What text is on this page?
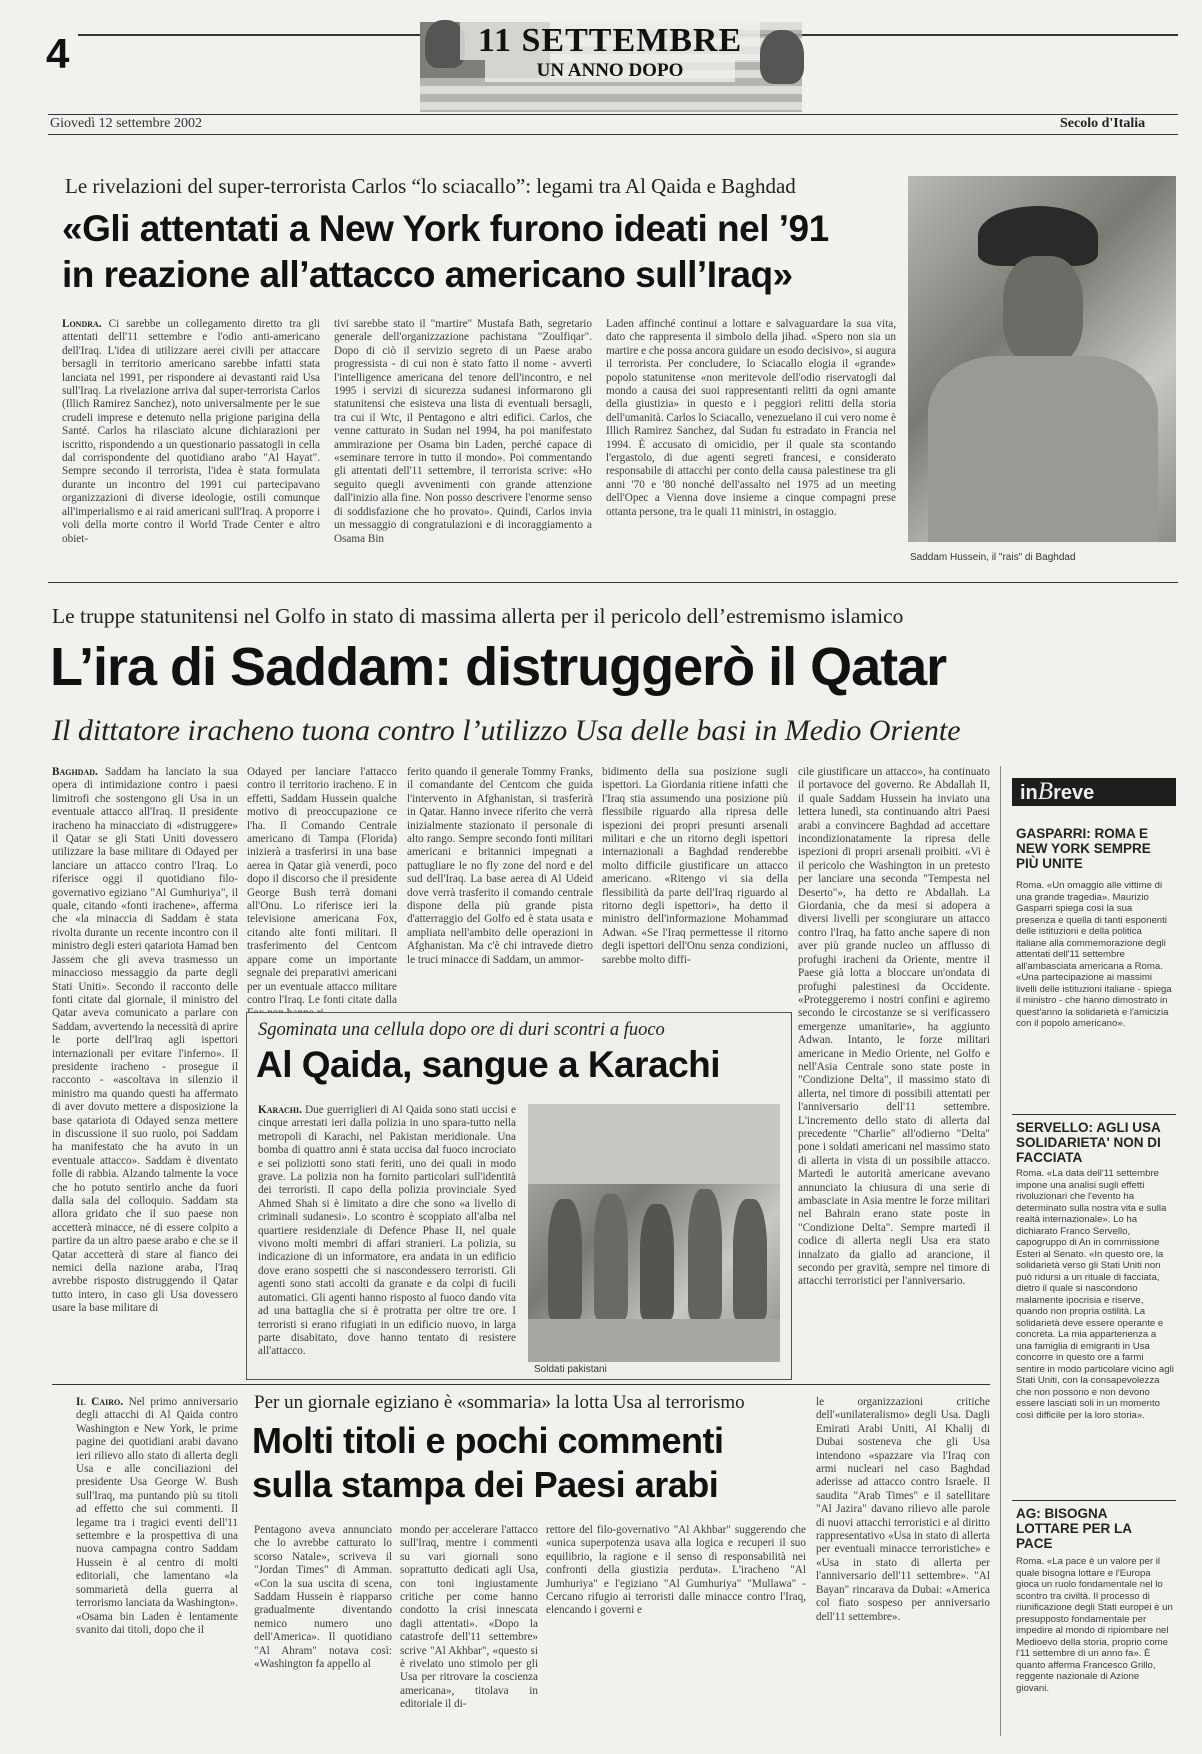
4	11 SETTEMBRE
UN ANNO DOPO
Giovedì 12 settembre 2002	Secolo d'Italia
Le rivelazioni del super-terrorista Carlos “lo sciacallo”: legami tra Al Qaida e Baghdad
«Gli attentati a New York furono ideati nel ’91
in reazione all’attacco americano sull’Iraq»
Londra. Ci sarebbe un collegamento diretto tra gli attentati dell'11 settembre e l'odio anti-americano dell'Iraq. L'idea di utilizzare aerei civili per attaccare bersagli in territorio americano sarebbe infatti stata lanciata nel 1991, per rispondere ai devastanti raid Usa sull'Iraq. La rivelazione arriva dal super-terrorista Carlos (Illich Ramirez Sanchez), noto universalmente per le sue crudeli imprese e detenuto nella prigione parigina della Santé. Carlos ha rilasciato alcune dichiarazioni per iscritto, rispondendo a un questionario passatogli in cella dal corrispondente del quotidiano arabo "Al Hayat". Sempre secondo il terrorista, l'idea è stata formulata durante un incontro del 1991 cui partecipavano organizzazioni di diverse ideologie, ostili comunque all'imperialismo e ai raid americani sull'Iraq. A proporre i voli della morte contro il World Trade Center e altro obiet-
tivi sarebbe stato il "martire" Mustafa Bath, segretario generale dell'organizzazione pachistana "Zoulfiqar". Dopo di ciò il servizio segreto di un Paese arabo progressista - di cui non è stato fatto il nome - avvertì l'intelligence americana del tenore dell'incontro, e nel 1995 i servizi di sicurezza sudanesi informarono gli statunitensi che esisteva una lista di eventuali bersagli, tra cui il Wtc, il Pentagono e altri edifici. Carlos, che venne catturato in Sudan nel 1994, ha poi manifestato ammirazione per Osama bin Laden, perché capace di «seminare terrore in tutto il mondo». Poi commentando gli attentati dell'11 settembre, il terrorista scrive: «Ho seguito quegli avvenimenti con grande attenzione dall'inizio alla fine. Non posso descrivere l'enorme senso di soddisfazione che ho provato». Quindi, Carlos invia un messaggio di congratulazioni e di incoraggiamento a Osama Bin
Laden affinché continui a lottare e salvaguardare la sua vita, dato che rappresenta il simbolo della jihad. «Spero non sia un martire e che possa ancora guidare un esodo decisivo», si augura il terrorista. Per concludere, lo Sciacallo elogia il «grande» popolo statunitense «non meritevole dell'odio riservatogli dal mondo a causa dei suoi rappresentanti relitti da ogni amante della giustizia» in questo e i peggiori relitti della storia dell'umanità. Carlos lo Sciacallo, venezuelano il cui vero nome è Illich Ramirez Sanchez, dal Sudan fu estradato in Francia nel 1994. È accusato di omicidio, per il quale sta scontando l'ergastolo, di due agenti segreti francesi, e considerato responsabile di attacchi per conto della causa palestinese tra gli anni '70 e '80 nonché dell'assalto nel 1975 ad un meeting dell'Opec a Vienna dove insieme a cinque compagni prese ottanta persone, tra le quali 11 ministri, in ostaggio.
Saddam Hussein, il "rais" di Baghdad
Le truppe statunitensi nel Golfo in stato di massima allerta per il pericolo dell’estremismo islamico
L’ira di Saddam: distruggerò il Qatar
Il dittatore iracheno tuona contro l’utilizzo Usa delle basi in Medio Oriente
Baghdad. Saddam ha lanciato la sua opera di intimidazione contro i paesi limitrofi che sostengono gli Usa in un eventuale attacco all'Iraq. Il presidente iracheno ha minacciato di «distruggere» il Qatar se gli Stati Uniti dovessero utilizzare la base militare di Odayed per lanciare un attacco contro l'Iraq. Lo riferisce oggi il quotidiano filo-governativo egiziano "Al Gumhuriya", il quale, citando «fonti irachene», afferma che «la minaccia di Saddam è stata rivolta durante un recente incontro con il ministro degli esteri qatariota Hamad ben Jassem che gli aveva trasmesso un minaccioso messaggio da parte degli Stati Uniti». Secondo il racconto delle fonti citate dal giornale, il ministro del Qatar aveva comunicato a parlare con Saddam, avvertendo la necessità di aprire le porte dell'Iraq agli ispettori internazionali per evitare l'inferno». Il presidente iracheno - prosegue il racconto - «ascoltava in silenzio il ministro ma quando questi ha affermato di aver dovuto mettere a disposizione la base qatariota di Odayed senza mettere in discussione il suo ruolo, poi Saddam ha manifestato che ha avuto in un eventuale attacco». Saddam è diventato folle di rabbia. Alzando talmente la voce che ho potuto sentirlo anche da fuori dalla sala del colloquio. Saddam sta allora gridato che il suo paese non accetterà minacce, né di essere colpito a partire da un altro paese arabo e che se il Qatar accetterà di stare al fianco dei nemici della nazione araba, l'Iraq avrebbe risposto distruggendo il Qatar tutto intero, in caso gli Usa dovessero usare la base militare di
Odayed per lanciare l'attacco contro il territorio iracheno. E in effetti, Saddam Hussein qualche motivo di preoccupazione ce l'ha. Il Comando Centrale americano di Tampa (Florida) inizierà a trasferirsi in una base aerea in Qatar già venerdì, poco dopo il discorso che il presidente George Bush terrà domani all'Onu. Lo riferisce ieri la televisione americana Fox, citando alte fonti militari. Il trasferimento del Centcom appare come un importante segnale dei preparativi americani per un eventuale attacco militare contro l'Iraq. Le fonti citate dalla
ferito quando il generale Tommy Franks, il comandante del Centcom che guida l'intervento in Afghanistan, si trasferirà in Qatar. Hanno invece riferito che verrà inizialmente stazionato il personale di alto rango. Sempre secondo fonti militari americani e britannici impegnati a pattugliare le no fly zone del nord e del sud dell'Iraq. La base aerea di Al Udeid dove verrà trasferito il comando centrale dispone della più grande pista d'atterraggio del Golfo ed è stata usata e ampliata nell'ambito delle operazioni in Afghanistan. Ma c'è chi intravede dietro le truci minacce di Saddam, un ammor-
bidimento della sua posizione sugli ispettori. La Giordania ritiene infatti che l'Iraq stia assumendo una posizione più flessibile riguardo alla ripresa delle ispezioni dei propri presunti arsenali militari e che un ritorno degli ispettori internazionali a Baghdad renderebbe molto difficile giustificare un attacco americano. «Ritengo vi sia della flessibilità da parte dell'Iraq riguardo al ritorno degli ispettori», ha detto il ministro dell'informazione Mohammad Adwan. «Se l'Iraq permettesse il ritorno degli ispettori dell'Onu senza condizioni, sarebbe molto diffi-
cile giustificare un attacco», ha continuato il portavoce del governo. Re Abdallah II, il quale Saddam Hussein ha inviato una lettera lunedì, sta continuando altri Paesi arabi a convincere Baghdad ad accettare incondizionatamente la ripresa delle ispezioni di propri arsenali proibiti. «Vi è il pericolo che Washington in un pretesto per lanciare una seconda "Tempesta nel Deserto"», ha detto re Abdallah. La Giordania, che da mesi si adopera a diversi livelli per scongiurare un attacco contro l'Iraq, ha fatto anche sapere di non aver più grande nucleo un afflusso di profughi iracheni da Oriente, mentre il Paese già lotta a bloccare un'ondata di profughi palestinesi da Occidente. «Proteggeremo i nostri confini e agiremo secondo le circostanze se si verificassero emergenze umanitarie», ha aggiunto Adwan. Intanto, le forze militari americane in Medio Oriente, nel Golfo e nell'Asia Centrale sono state poste in "Condizione Delta", il massimo stato di allerta, nel timore di possibili attentati per l'anniversario dell'11 settembre. L'incremento dello stato di allerta dal precedente "Charlie" all'odierno "Delta" pone i soldati americani nel massimo stato di allerta in vista di un possibile attacco. Martedì le autorità americane avevano annunciato la chiusura di una serie di ambasciate in Asia mentre le forze militari nel Bahrain erano state poste in "Condizione Delta". Sempre martedì il codice di allerta negli Usa era stato innalzato da giallo ad arancione, il secondo per gravità, sempre nel timore di attacchi terroristici per l'anniversario.
Sgominata una cellula dopo ore di duri scontri a fuoco
Al Qaida, sangue a Karachi
Karachi. Due guerriglieri di Al Qaida sono stati uccisi e cinque arrestati ieri dalla polizia in uno spara-tutto nella metropoli di Karachi, nel Pakistan meridionale. Una bomba di quattro anni è stata uccisa dal fuoco incrociato e sei poliziotti sono stati feriti, uno dei quali in modo grave. La polizia non ha fornito particolari sull'identità dei terroristi. Il capo della polizia provinciale Syed Ahmed Shah si è limitato a dire che sono «a livello di criminali sudanesi». Lo scontro è scoppiato all'alba nel quartiere residenziale di Defence Phase II, nel quale vivono molti membri di affari stranieri. La polizia, su indicazione di un informatore, era andata in un edificio dove erano sospetti che si nascondessero terroristi. Gli agenti sono stati accolti da granate e da colpi di fucili automatici. Gli agenti hanno risposto al fuoco dando vita ad una battaglia che si è protratta per oltre tre ore. I terroristi si erano rifugiati in un edificio nuovo, in larga parte disabitato, dove hanno tentato di resistere all'attacco.
Soldati pakistani
Il Cairo. Nel primo anniversario degli attacchi di Al Qaida contro Washington e New York, le prime pagine dei quotidiani arabi davano ieri rilievo allo stato di allerta degli Usa e alle conciliazioni del presidente Usa George W. Bush sull'Iraq, ma puntando più su titoli ad effetto che sui commenti. Il legame tra i tragici eventi dell'11 settembre e la prospettiva di una nuova campagna contro Saddam Hussein è al centro di molti editoriali, che lamentano «la sommarietà della guerra al terrorismo lanciata da Washington». «Osama bin Laden è lentamente svanito dai titoli, dopo che il
Per un giornale egiziano è «sommaria» la lotta Usa al terrorismo
Molti titoli e pochi commenti
sulla stampa dei Paesi arabi
Pentagono aveva annunciato che lo avrebbe catturato lo scorso Natale», scriveva il "Jordan Times" di Amman. «Con la sua uscita di scena, Saddam Hussein è riapparso gradualmente diventando nemico numero uno dell'America». Il quotidiano "Al Ahram" notava così: «Washington fa appello al
mondo per accelerare l'attacco sull'Iraq, mentre i commenti su vari giornali sono soprattutto dedicati agli Usa, con toni ingiustamente critiche per come hanno condotto la crisi innescata dagli attentati». «Dopo la catastrofe dell'11 settembre» scrive "Al Akhbar", «questo si è rivelato uno stimolo per gli Usa per ritrovare la coscienza americana», titolava in editoriale il di-
rettore del filo-governativo "Al Akhbar" suggerendo che «unica superpotenza usava alla logica e recuperi il suo equilibrio, la ragione e il senso di responsabilità nei confronti della giustizia perduta». L'iracheno "Al Jumhuriya" e l'egiziano "Al Gumhuriya" "Mullawa" - Cercano rifugio ai terroristi dalle minacce contro l'Iraq, elencando i governi e
le organizzazioni critiche dell'«unilateralismo» degli Usa. Dagli Emirati Arabi Uniti, Al Khalij di Dubai sosteneva che gli Usa intendono «spazzare via l'Iraq con armi nucleari nel caso Baghdad aderisse ad attacco contro Israele. Il saudita "Arab Times" e il satellitare "Al Jazira" davano rilievo alle parole di nuovi attacchi terroristici e al diritto rappresentativo «Usa in stato di allerta per eventuali minacce terroristiche» e «Usa in stato di allerta per l'anniversario dell'11 settembre». "Al Bayan" rincarava da Dubai: «America col fiato sospeso per anniversario dell'11 settembre».
inBreve
GASPARRI: ROMA E NEW YORK SEMPRE PIÙ UNITE
Roma. «Un omaggio alle vittime di una grande tragedia». Maurizio Gasparri spiega così la sua presenza e quella di tanti esponenti delle istituzioni e della politica italiane alla commemorazione degli attentati dell'11 settembre all'ambasciata americana a Roma. «Una partecipazione ai massimi livelli delle istituzioni italiane - spiega il ministro - che hanno dimostrato in quest'anno la solidarietà e l'amicizia con il popolo americano».
SERVELLO: AGLI USA SOLIDARIETA' NON DI FACCIATA
Roma. «La data dell'11 settembre impone una analisi sugli effetti rivoluzionari che l'evento ha determinato sulla nostra vita e sulla realtà internazionale». Lo ha dichiarato Franco Servello, capogruppo di An in commissione Esteri al Senato. «In questo ore, la solidarietà verso gli Stati Uniti non può ridursi a un rituale di facciata, dietro il quale si nascondono malamente ipocrisia e riserve, quando non propria ostilità. La solidarietà deve essere operante e concreta. La mia appartenenza a una famiglia di emigranti in Usa concorre in questo ore a farmi sentire in modo particolare vicino agli Stati Uniti, con la consapevolezza che non possono e non devono essere lasciati soli in un momento così difficile per la loro storia».
AG: BISOGNA LOTTARE PER LA PACE
Roma. «La pace è un valore per il quale bisogna lottare e l'Europa gioca un ruolo fondamentale nel lo scontro tra civiltà. Il processo di riunificazione degli Stati europei è un presupposto fondamentale per impedire al mondo di ripiombare nel Medioevo della storia, proprio come l'11 settembre di un anno fa». È quanto afferma Francesco Grillo, reggente nazionale di Azione giovani.
